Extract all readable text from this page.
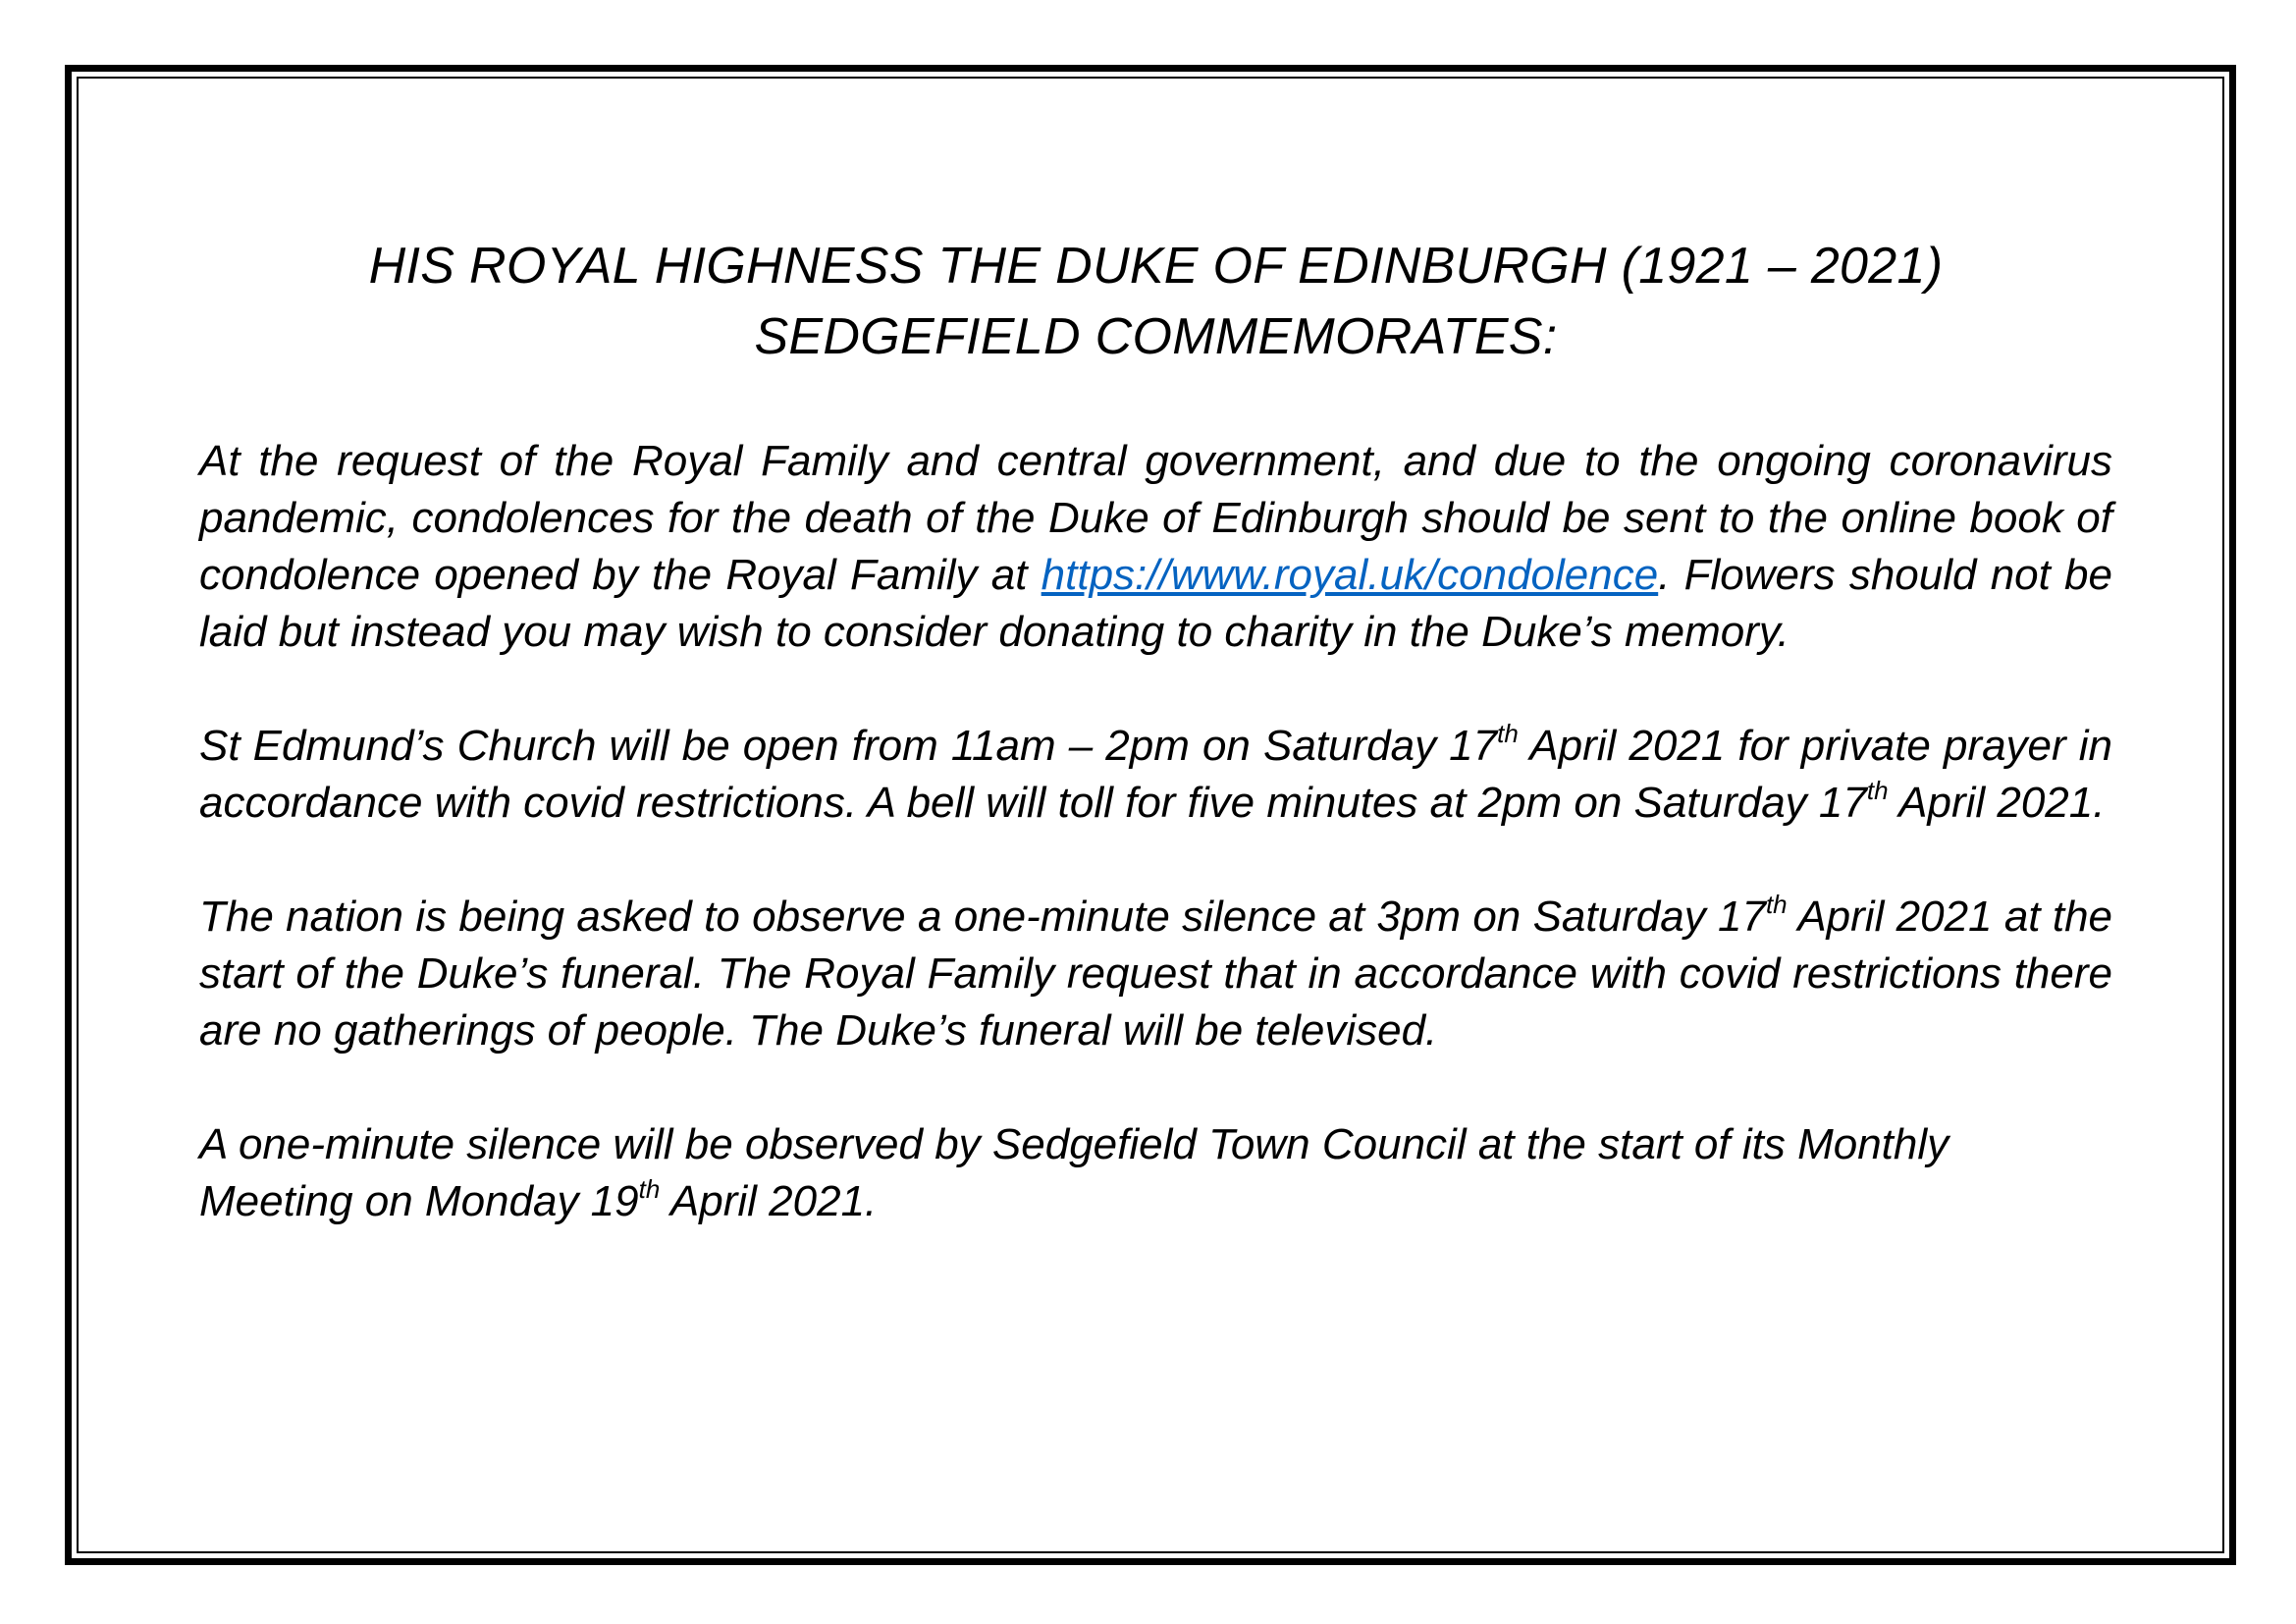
HIS ROYAL HIGHNESS THE DUKE OF EDINBURGH (1921 – 2021)
SEDGEFIELD COMMEMORATES:

At the request of the Royal Family and central government, and due to the ongoing coronavirus pandemic, condolences for the death of the Duke of Edinburgh should be sent to the online book of condolence opened by the Royal Family at https://www.royal.uk/condolence. Flowers should not be laid but instead you may wish to consider donating to charity in the Duke’s memory.

St Edmund’s Church will be open from 11am – 2pm on Saturday 17th April 2021 for private prayer in accordance with covid restrictions. A bell will toll for five minutes at 2pm on Saturday 17th April 2021.

The nation is being asked to observe a one-minute silence at 3pm on Saturday 17th April 2021 at the start of the Duke’s funeral. The Royal Family request that in accordance with covid restrictions there are no gatherings of people. The Duke’s funeral will be televised.

A one-minute silence will be observed by Sedgefield Town Council at the start of its Monthly Meeting on Monday 19th April 2021.
